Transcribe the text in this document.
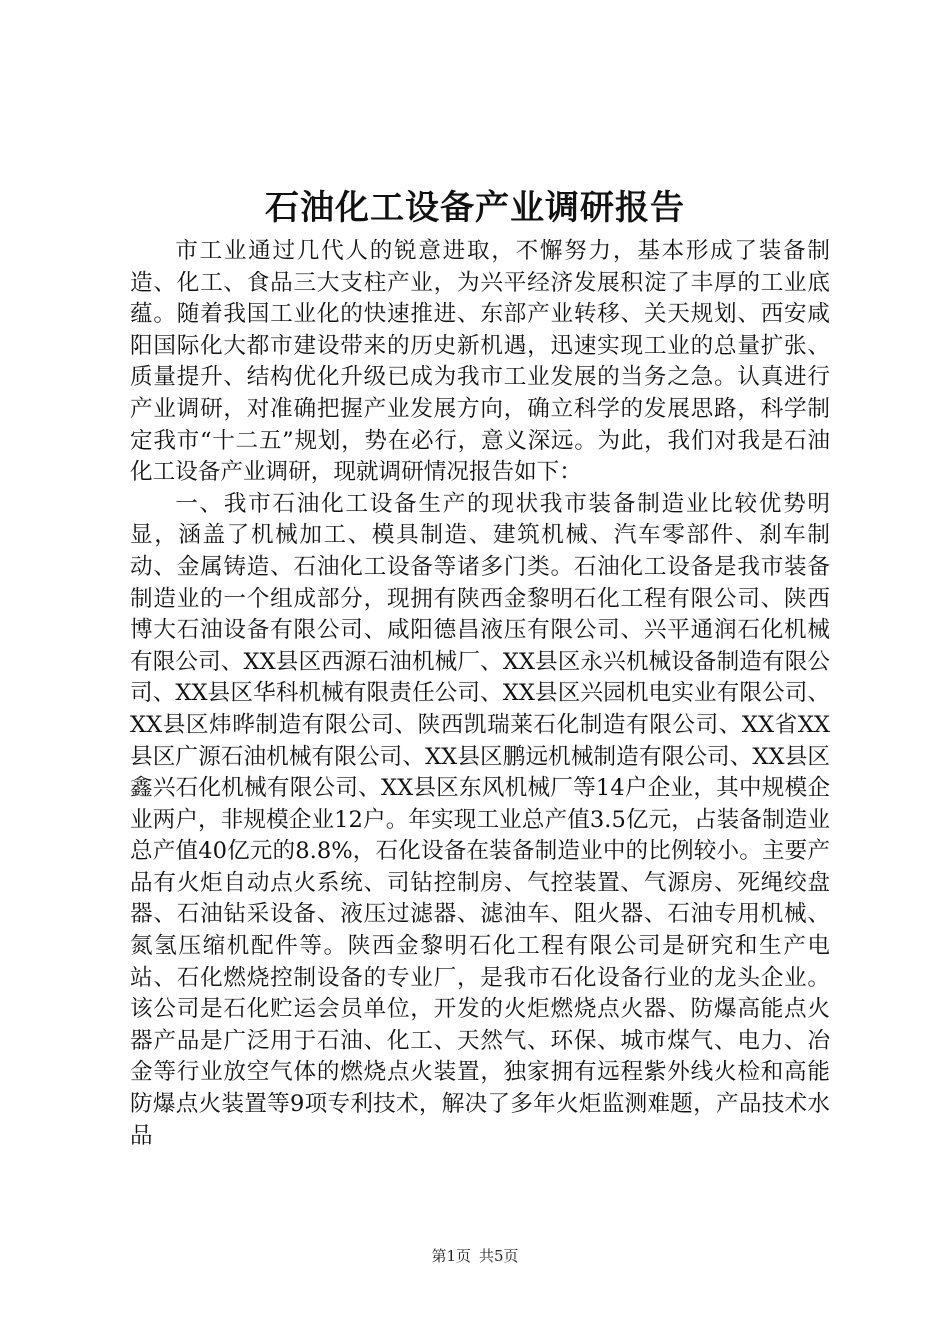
石油化工设备产业调研报告

市工业通过几代人的锐意进取，不懈努力，基本形成了装备制造、化工、食品三大支柱产业，为兴平经济发展积淀了丰厚的工业底蕴。随着我国工业化的快速推进、东部产业转移、关天规划、西安咸阳国际化大都市建设带来的历史新机遇，迅速实现工业的总量扩张、质量提升、结构优化升级已成为我市工业发展的当务之急。认真进行产业调研，对准确把握产业发展方向，确立科学的发展思路，科学制定我市“十二五”规划，势在必行，意义深远。为此，我们对我是石油化工设备产业调研，现就调研情况报告如下：

一、我市石油化工设备生产的现状我市装备制造业比较优势明显，涵盖了机械加工、模具制造、建筑机械、汽车零部件、刹车制动、金属铸造、石油化工设备等诸多门类。石油化工设备是我市装备制造业的一个组成部分，现拥有陕西金黎明石化工程有限公司、陕西博大石油设备有限公司、咸阳德昌液压有限公司、兴平通润石化机械有限公司、XX县区西源石油机械厂、XX县区永兴机械设备制造有限公司、XX县区华科机械有限责任公司、XX县区兴园机电实业有限公司、XX县区炜晔制造有限公司、陕西凯瑞莱石化制造有限公司、XX省XX县区广源石油机械有限公司、XX县区鹏远机械制造有限公司、XX县区鑫兴石化机械有限公司、XX县区东风机械厂等14户企业，其中规模企业两户，非规模企业12户。年实现工业总产值3.5亿元，占装备制造业总产值40亿元的8.8%，石化设备在装备制造业中的比例较小。主要产品有火炬自动点火系统、司钻控制房、气控装置、气源房、死绳绞盘器、石油钻采设备、液压过滤器、滤油车、阻火器、石油专用机械、氮氢压缩机配件等。陕西金黎明石化工程有限公司是研究和生产电站、石化燃烧控制设备的专业厂，是我市石化设备行业的龙头企业。该公司是石化贮运会员单位，开发的火炬燃烧点火器、防爆高能点火器产品是广泛用于石油、化工、天然气、环保、城市煤气、电力、冶金等行业放空气体的燃烧点火装置，独家拥有远程紫外线火检和高能防爆点火装置等9项专利技术，解决了多年火炬监测难题，产品技术水品

第1页 共5页
